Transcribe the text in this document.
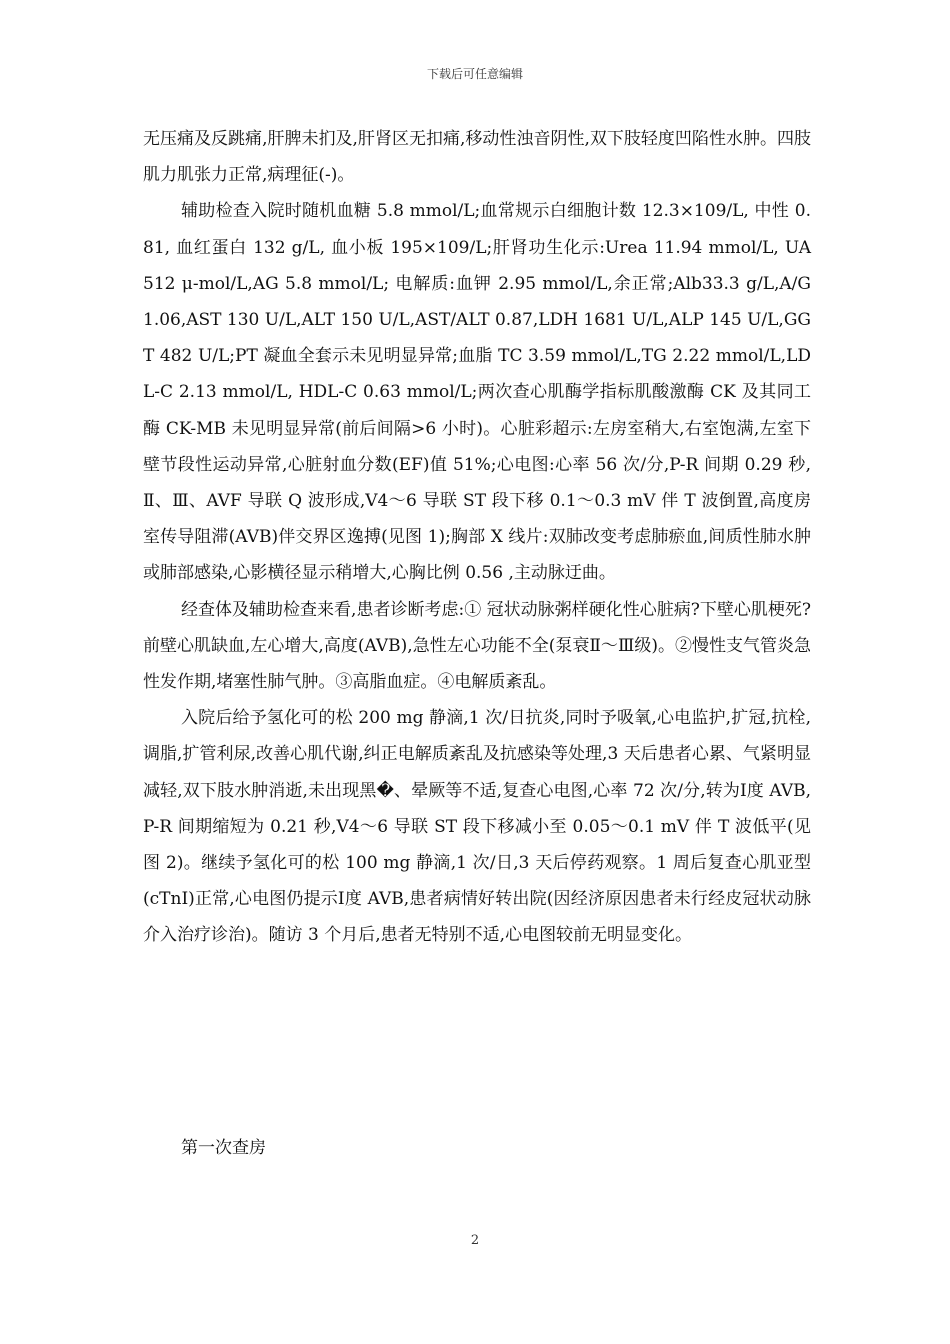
下载后可任意编辑

无压痛及反跳痛,肝脾未扪及,肝肾区无扣痛,移动性浊音阴性,双下肢轻度凹陷性水肿。四肢肌力肌张力正常,病理征(-)。

辅助检查入院时随机血糖 5.8 mmol/L;血常规示白细胞计数 12.3×109/L, 中性 0.81, 血红蛋白 132 g/L, 血小板 195×109/L;肝肾功生化示:Urea 11.94 mmol/L, UA 512 μ-mol/L,AG 5.8 mmol/L; 电解质:血钾 2.95 mmol/L,余正常;Alb33.3 g/L,A/G 1.06,AST 130 U/L,ALT 150 U/L,AST/ALT 0.87,LDH 1681 U/L,ALP 145 U/L,GGT 482 U/L;PT 凝血全套示未见明显异常;血脂 TC 3.59 mmol/L,TG 2.22 mmol/L,LDL-C 2.13 mmol/L, HDL-C 0.63 mmol/L;两次查心肌酶学指标肌酸激酶 CK 及其同工酶 CK-MB 未见明显异常(前后间隔>6 小时)。心脏彩超示:左房室稍大,右室饱满,左室下壁节段性运动异常,心脏射血分数(EF)值 51%;心电图:心率 56 次/分,P-R 间期 0.29 秒,Ⅱ、Ⅲ、AVF 导联 Q 波形成,V4～6 导联 ST 段下移 0.1～0.3 mV 伴 T 波倒置,高度房室传导阻滞(AVB)伴交界区逸搏(见图 1);胸部 X 线片:双肺改变考虑肺瘀血,间质性肺水肿或肺部感染,心影横径显示稍增大,心胸比例 0.56 ,主动脉迂曲。

经查体及辅助检查来看,患者诊断考虑:① 冠状动脉粥样硬化性心脏病?下壁心肌梗死?前壁心肌缺血,左心增大,高度(AVB),急性左心功能不全(泵衰Ⅱ～Ⅲ级)。②慢性支气管炎急性发作期,堵塞性肺气肿。③高脂血症。④电解质紊乱。

入院后给予氢化可的松 200 mg 静滴,1 次/日抗炎,同时予吸氧,心电监护,扩冠,抗栓,调脂,扩管利尿,改善心肌代谢,纠正电解质紊乱及抗感染等处理,3 天后患者心累、气紧明显减轻,双下肢水肿消逝,未出现黑�、晕厥等不适,复查心电图,心率 72 次/分,转为Ⅰ度 AVB,P-R 间期缩短为 0.21 秒,V4～6 导联 ST 段下移减小至 0.05～0.1 mV 伴 T 波低平(见图 2)。继续予氢化可的松 100 mg 静滴,1 次/日,3 天后停药观察。1 周后复查心肌亚型(cTnI)正常,心电图仍提示Ⅰ度 AVB,患者病情好转出院(因经济原因患者未行经皮冠状动脉介入治疗诊治)。随访 3 个月后,患者无特别不适,心电图较前无明显变化。

第一次查房
2
